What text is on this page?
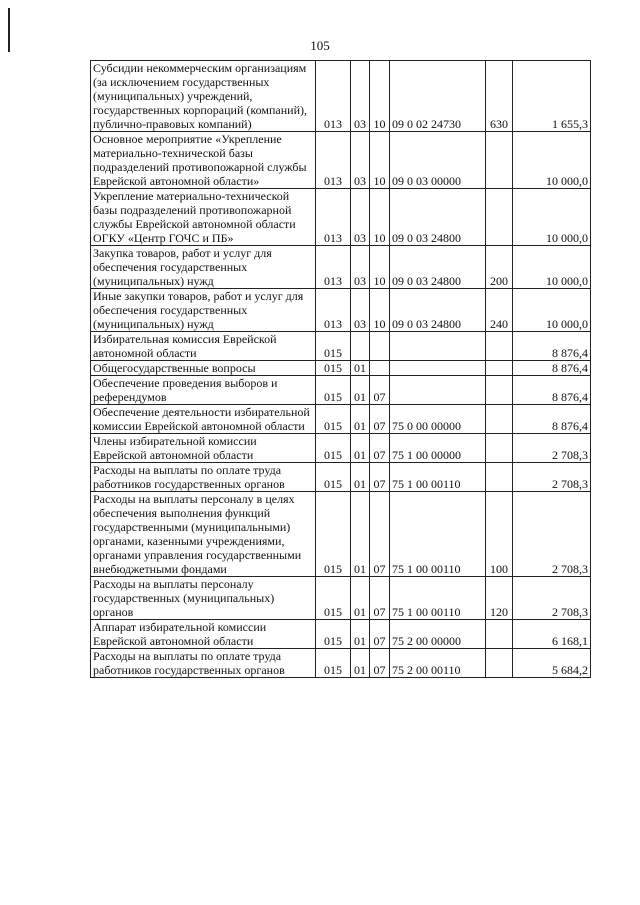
105
Субсидии некоммерческим организациям (за исключением государственных (муниципальных) учреждений, государственных корпораций (компаний), публично-правовых компаний)	013	03	10	09 0 02 24730	630	1 655,3
Основное мероприятие «Укрепление материально-технической базы подразделений противопожарной службы Еврейской автономной области»	013	03	10	09 0 03 00000		10 000,0
Укрепление материально-технической базы подразделений противопожарной службы Еврейской автономной области ОГКУ «Центр ГОЧС и ПБ»	013	03	10	09 0 03 24800		10 000,0
Закупка товаров, работ и услуг для обеспечения государственных (муниципальных) нужд	013	03	10	09 0 03 24800	200	10 000,0
Иные закупки товаров, работ и услуг для обеспечения государственных (муниципальных) нужд	013	03	10	09 0 03 24800	240	10 000,0
Избирательная комиссия Еврейской автономной области	015					8 876,4
Общегосударственные вопросы	015	01				8 876,4
Обеспечение проведения выборов и референдумов	015	01	07			8 876,4
Обеспечение деятельности избирательной комиссии Еврейской автономной области	015	01	07	75 0 00 00000		8 876,4
Члены избирательной комиссии Еврейской автономной области	015	01	07	75 1 00 00000		2 708,3
Расходы на выплаты по оплате труда работников государственных органов	015	01	07	75 1 00 00110		2 708,3
Расходы на выплаты персоналу в целях обеспечения выполнения функций государственными (муниципальными) органами, казенными учреждениями, органами управления государственными внебюджетными фондами	015	01	07	75 1 00 00110	100	2 708,3
Расходы на выплаты персоналу государственных (муниципальных) органов	015	01	07	75 1 00 00110	120	2 708,3
Аппарат избирательной комиссии Еврейской автономной области	015	01	07	75 2 00 00000		6 168,1
Расходы на выплаты по оплате труда работников государственных органов	015	01	07	75 2 00 00110		5 684,2
